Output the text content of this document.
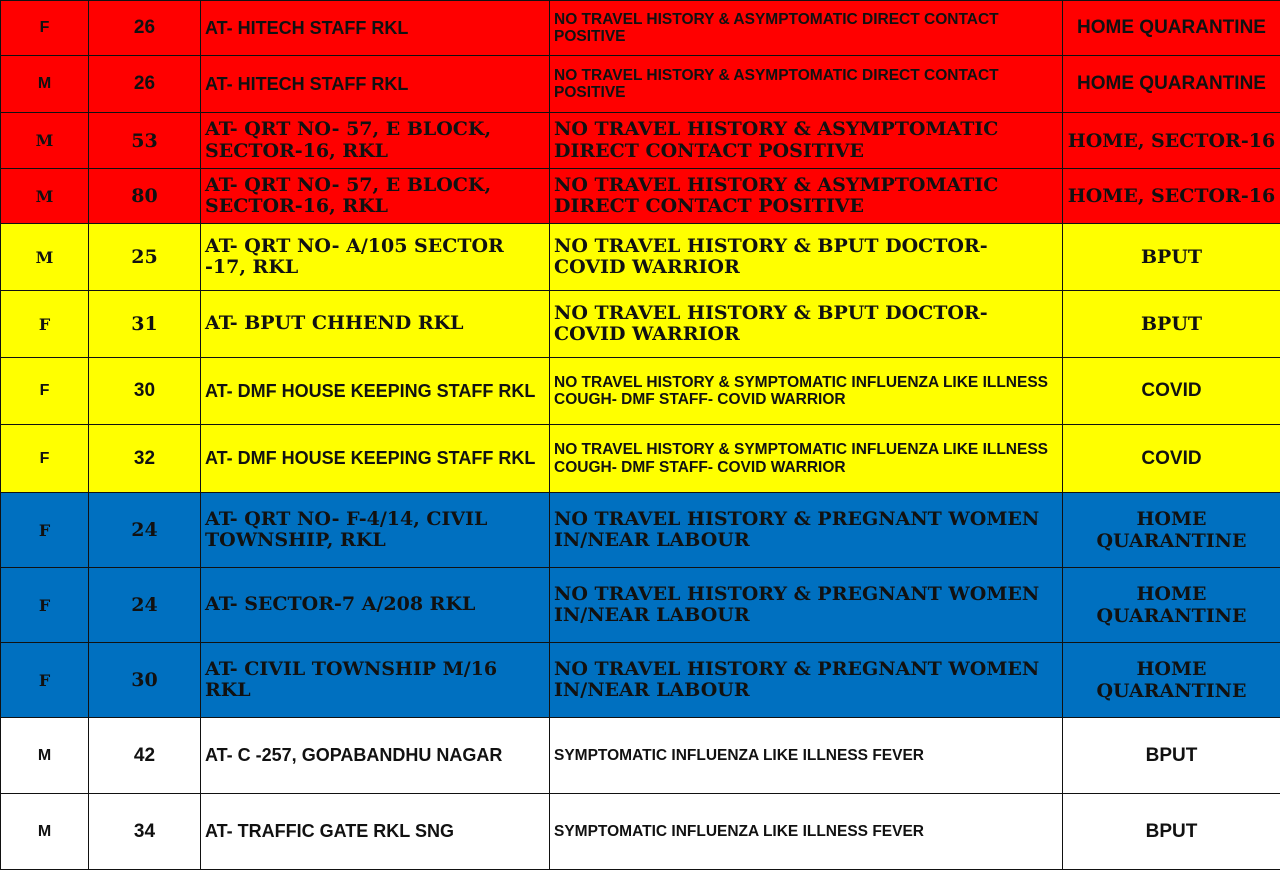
F	26	AT- HITECH STAFF RKL	NO TRAVEL HISTORY & ASYMPTOMATIC DIRECT CONTACT POSITIVE	HOME QUARANTINE
M	26	AT- HITECH STAFF RKL	NO TRAVEL HISTORY & ASYMPTOMATIC DIRECT CONTACT POSITIVE	HOME QUARANTINE
M	53	AT- QRT NO- 57, E BLOCK, SECTOR-16, RKL	NO TRAVEL HISTORY & ASYMPTOMATIC DIRECT CONTACT POSITIVE	HOME, SECTOR-16
M	80	AT- QRT NO- 57, E BLOCK, SECTOR-16, RKL	NO TRAVEL HISTORY & ASYMPTOMATIC DIRECT CONTACT POSITIVE	HOME, SECTOR-16
M	25	AT- QRT NO- A/105 SECTOR -17, RKL	NO TRAVEL HISTORY & BPUT DOCTOR- COVID WARRIOR	BPUT
F	31	AT- BPUT CHHEND RKL	NO TRAVEL HISTORY & BPUT DOCTOR- COVID WARRIOR	BPUT
F	30	AT- DMF HOUSE KEEPING STAFF RKL	NO TRAVEL HISTORY & SYMPTOMATIC INFLUENZA LIKE ILLNESS COUGH- DMF STAFF- COVID WARRIOR	COVID
F	32	AT- DMF HOUSE KEEPING STAFF RKL	NO TRAVEL HISTORY & SYMPTOMATIC INFLUENZA LIKE ILLNESS COUGH- DMF STAFF- COVID WARRIOR	COVID
F	24	AT- QRT NO- F-4/14, CIVIL TOWNSHIP, RKL	NO TRAVEL HISTORY & PREGNANT WOMEN IN/NEAR LABOUR	HOME QUARANTINE
F	24	AT- SECTOR-7 A/208 RKL	NO TRAVEL HISTORY & PREGNANT WOMEN IN/NEAR LABOUR	HOME QUARANTINE
F	30	AT- CIVIL TOWNSHIP M/16 RKL	NO TRAVEL HISTORY & PREGNANT WOMEN IN/NEAR LABOUR	HOME QUARANTINE
M	42	AT- C -257, GOPABANDHU NAGAR	SYMPTOMATIC INFLUENZA LIKE ILLNESS FEVER	BPUT
M	34	AT- TRAFFIC GATE RKL SNG	SYMPTOMATIC INFLUENZA LIKE ILLNESS FEVER	BPUT
